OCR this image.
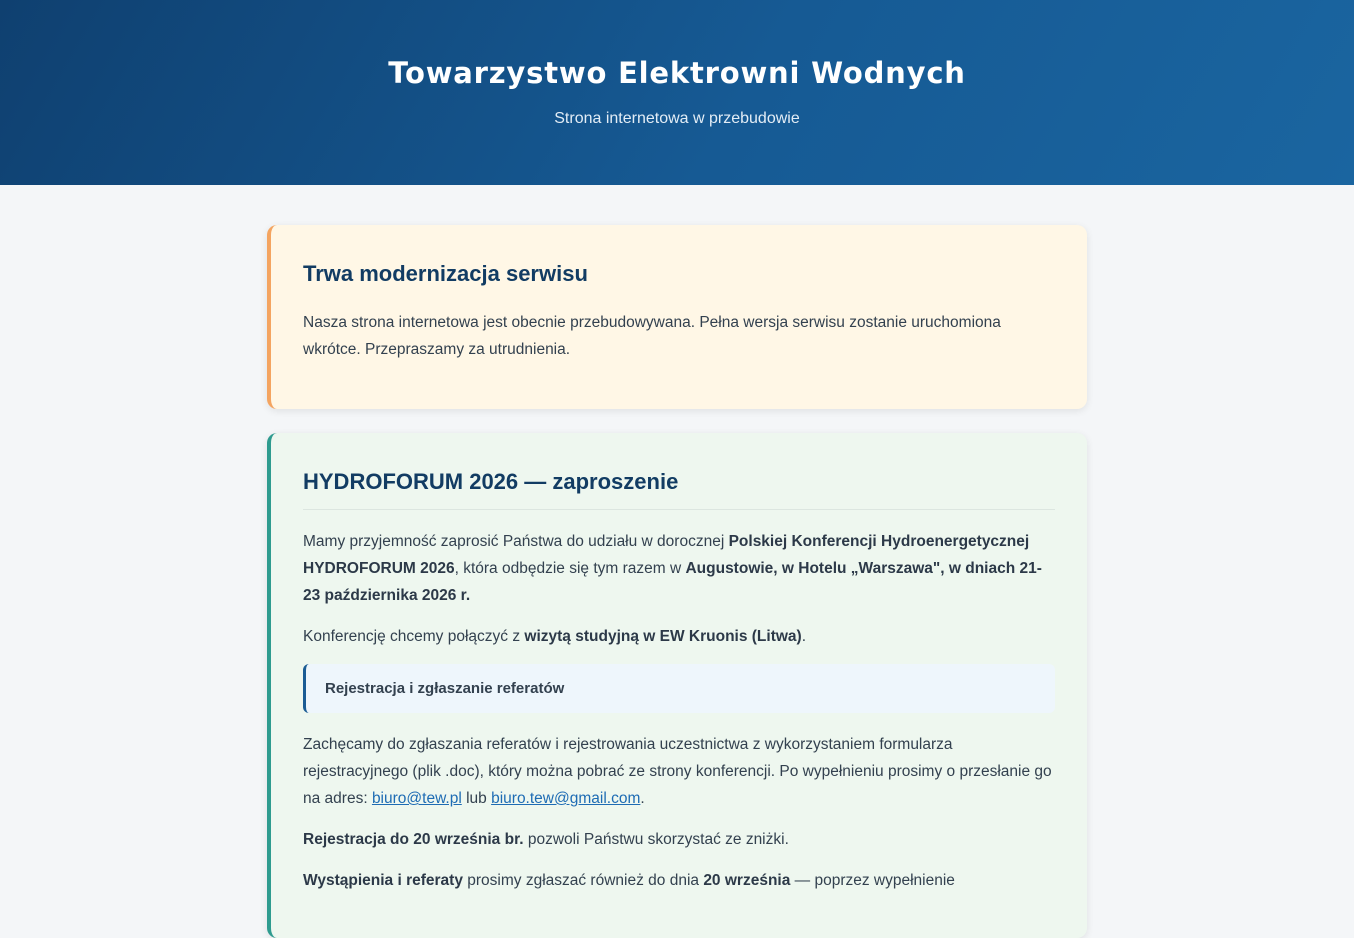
Towarzystwo Elektrowni Wodnych

Strona internetowa w przebudowie

Trwa modernizacja serwisu

Nasza strona internetowa jest obecnie przebudowywana. Pełna wersja serwisu zostanie uruchomiona wkrótce. Przepraszamy za utrudnienia.

HYDROFORUM 2026 — zaproszenie

Mamy przyjemność zaprosić Państwa do udziału w dorocznej Polskiej Konferencji Hydroenergetycznej HYDROFORUM 2026, która odbędzie się tym razem w Augustowie, w Hotelu „Warszawa", w dniach 21-23 października 2026 r.

Konferencję chcemy połączyć z wizytą studyjną w EW Kruonis (Litwa).

Rejestracja i zgłaszanie referatów

Zachęcamy do zgłaszania referatów i rejestrowania uczestnictwa z wykorzystaniem formularza rejestracyjnego (plik .doc), który można pobrać ze strony konferencji. Po wypełnieniu prosimy o przesłanie go na adres: biuro@tew.pl lub biuro.tew@gmail.com.

Rejestracja do 20 września br. pozwoli Państwu skorzystać ze zniżki.

Wystąpienia i referaty prosimy zgłaszać również do dnia 20 września — poprzez wypełnienie
